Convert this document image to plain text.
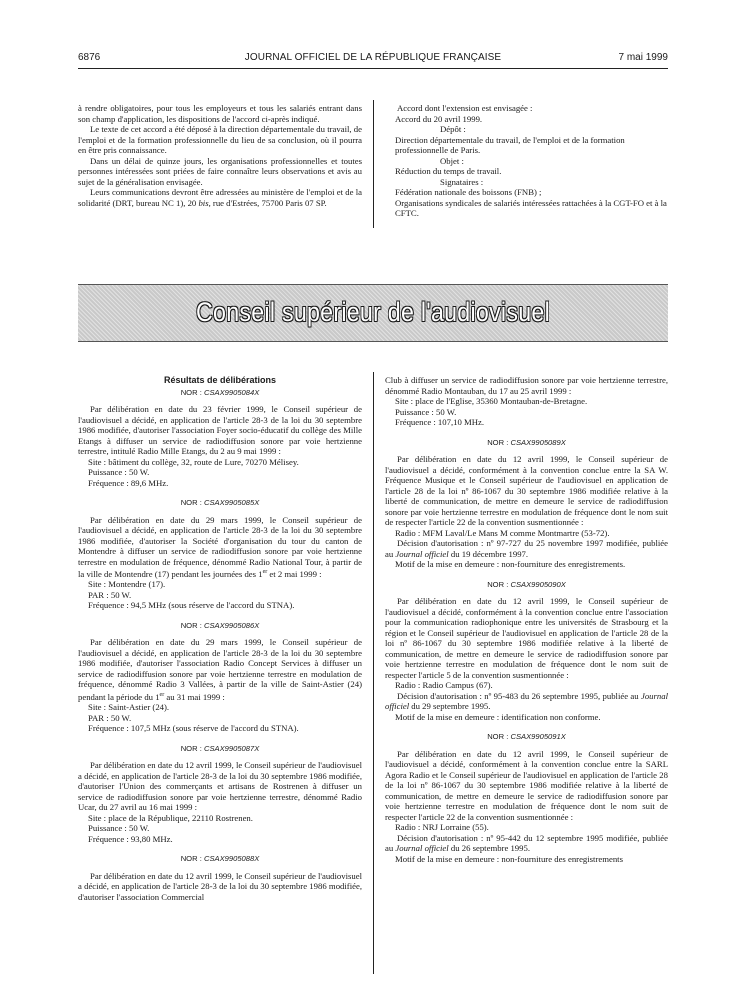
6876	JOURNAL OFFICIEL DE LA RÉPUBLIQUE FRANÇAISE	7 mai 1999

à rendre obligatoires, pour tous les employeurs et tous les salariés entrant dans son champ d'application, les dispositions de l'accord ci-après indiqué.

Le texte de cet accord a été déposé à la direction départementale du travail, de l'emploi et de la formation professionnelle du lieu de sa conclusion, où il pourra en être pris connaissance.

Dans un délai de quinze jours, les organisations professionnelles et toutes personnes intéressées sont priées de faire connaître leurs observations et avis au sujet de la généralisation envisagée.

Leurs communications devront être adressées au ministère de l'emploi et de la solidarité (DRT, bureau NC 1), 20 bis, rue d'Estrées, 75700 Paris 07 SP.

Accord dont l'extension est envisagée :

Accord du 20 avril 1999.

Dépôt :

Direction départementale du travail, de l'emploi et de la formation professionnelle de Paris.

Objet :

Réduction du temps de travail.

Signataires :

Fédération nationale des boissons (FNB) ;

Organisations syndicales de salariés intéressées rattachées à la CGT-FO et à la CFTC.

Conseil supérieur de l'audiovisuel

Résultats de délibérations

NOR : CSAX9905084X

Par délibération en date du 23 février 1999, le Conseil supérieur de l'audiovisuel a décidé, en application de l'article 28-3 de la loi du 30 septembre 1986 modifiée, d'autoriser l'association Foyer socio-éducatif du collège des Mille Etangs à diffuser un service de radiodiffusion sonore par voie hertzienne terrestre, intitulé Radio Mille Etangs, du 2 au 9 mai 1999 :

Site : bâtiment du collège, 32, route de Lure, 70270 Mélisey.

Puissance : 50 W.

Fréquence : 89,6 MHz.

NOR : CSAX9905085X

Par délibération en date du 29 mars 1999, le Conseil supérieur de l'audiovisuel a décidé, en application de l'article 28-3 de la loi du 30 septembre 1986 modifiée, d'autoriser la Société d'organisation du tour du canton de Montendre à diffuser un service de radiodiffusion sonore par voie hertzienne terrestre en modulation de fréquence, dénommé Radio National Tour, à partir de la ville de Montendre (17) pendant les journées des 1er et 2 mai 1999 :

Site : Montendre (17).

PAR : 50 W.

Fréquence : 94,5 MHz (sous réserve de l'accord du STNA).

NOR : CSAX9905086X

Par délibération en date du 29 mars 1999, le Conseil supérieur de l'audiovisuel a décidé, en application de l'article 28-3 de la loi du 30 septembre 1986 modifiée, d'autoriser l'association Radio Concept Services à diffuser un service de radiodiffusion sonore par voie hertzienne terrestre en modulation de fréquence, dénommé Radio 3 Vallées, à partir de la ville de Saint-Astier (24) pendant la période du 1er au 31 mai 1999 :

Site : Saint-Astier (24).

PAR : 50 W.

Fréquence : 107,5 MHz (sous réserve de l'accord du STNA).

NOR : CSAX9905087X

Par délibération en date du 12 avril 1999, le Conseil supérieur de l'audiovisuel a décidé, en application de l'article 28-3 de la loi du 30 septembre 1986 modifiée, d'autoriser l'Union des commerçants et artisans de Rostrenen à diffuser un service de radiodiffusion sonore par voie hertzienne terrestre, dénommé Radio Ucar, du 27 avril au 16 mai 1999 :

Site : place de la République, 22110 Rostrenen.

Puissance : 50 W.

Fréquence : 93,80 MHz.

NOR : CSAX9905088X

Par délibération en date du 12 avril 1999, le Conseil supérieur de l'audiovisuel a décidé, en application de l'article 28-3 de la loi du 30 septembre 1986 modifiée, d'autoriser l'association Commercial

Club à diffuser un service de radiodiffusion sonore par voie hertzienne terrestre, dénommé Radio Montauban, du 17 au 25 avril 1999 :

Site : place de l'Eglise, 35360 Montauban-de-Bretagne.

Puissance : 50 W.

Fréquence : 107,10 MHz.

NOR : CSAX9905089X

Par délibération en date du 12 avril 1999, le Conseil supérieur de l'audiovisuel a décidé, conformément à la convention conclue entre la SA W. Fréquence Musique et le Conseil supérieur de l'audiovisuel en application de l'article 28 de la loi nº 86-1067 du 30 septembre 1986 modifiée relative à la liberté de communication, de mettre en demeure le service de radiodiffusion sonore par voie hertzienne terrestre en modulation de fréquence dont le nom suit de respecter l'article 22 de la convention susmentionnée :

Radio : MFM Laval/Le Mans M comme Montmartre (53-72).

Décision d'autorisation : nº 97-727 du 25 novembre 1997 modifiée, publiée au Journal officiel du 19 décembre 1997.

Motif de la mise en demeure : non-fourniture des enregistrements.

NOR : CSAX9905090X

Par délibération en date du 12 avril 1999, le Conseil supérieur de l'audiovisuel a décidé, conformément à la convention conclue entre l'association pour la communication radiophonique entre les universités de Strasbourg et la région et le Conseil supérieur de l'audiovisuel en application de l'article 28 de la loi nº 86-1067 du 30 septembre 1986 modifiée relative à la liberté de communication, de mettre en demeure le service de radiodiffusion sonore par voie hertzienne terrestre en modulation de fréquence dont le nom suit de respecter l'article 5 de la convention susmentionnée :

Radio : Radio Campus (67).

Décision d'autorisation : nº 95-483 du 26 septembre 1995, publiée au Journal officiel du 29 septembre 1995.

Motif de la mise en demeure : identification non conforme.

NOR : CSAX9905091X

Par délibération en date du 12 avril 1999, le Conseil supérieur de l'audiovisuel a décidé, conformément à la convention conclue entre la SARL Agora Radio et le Conseil supérieur de l'audiovisuel en application de l'article 28 de la loi nº 86-1067 du 30 septembre 1986 modifiée relative à la liberté de communication, de mettre en demeure le service de radiodiffusion sonore par voie hertzienne terrestre en modulation de fréquence dont le nom suit de respecter l'article 22 de la convention susmentionnée :

Radio : NRJ Lorraine (55).

Décision d'autorisation : nº 95-442 du 12 septembre 1995 modifiée, publiée au Journal officiel du 26 septembre 1995.

Motif de la mise en demeure : non-fourniture des enregistrements
